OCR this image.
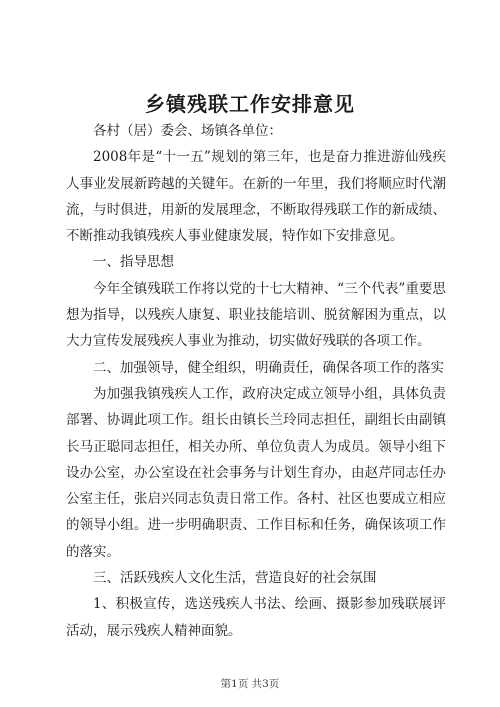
乡镇残联工作安排意见

各村（居）委会、场镇各单位：

2008年是“十一五”规划的第三年，也是奋力推进游仙残疾人事业发展新跨越的关键年。在新的一年里，我们将顺应时代潮流，与时俱进，用新的发展理念，不断取得残联工作的新成绩、不断推动我镇残疾人事业健康发展，特作如下安排意见。

一、指导思想

今年全镇残联工作将以党的十七大精神、“三个代表”重要思想为指导，以残疾人康复、职业技能培训、脱贫解困为重点，以大力宣传发展残疾人事业为推动，切实做好残联的各项工作。

二、加强领导，健全组织，明确责任，确保各项工作的落实

为加强我镇残疾人工作，政府决定成立领导小组，具体负责部署、协调此项工作。组长由镇长兰玲同志担任，副组长由副镇长马正聪同志担任，相关办所、单位负责人为成员。领导小组下设办公室，办公室设在社会事务与计划生育办，由赵芹同志任办公室主任，张启兴同志负责日常工作。各村、社区也要成立相应的领导小组。进一步明确职责、工作目标和任务，确保该项工作的落实。

三、活跃残疾人文化生活，营造良好的社会氛围

1、积极宣传，选送残疾人书法、绘画、摄影参加残联展评活动，展示残疾人精神面貌。

第1页 共3页
